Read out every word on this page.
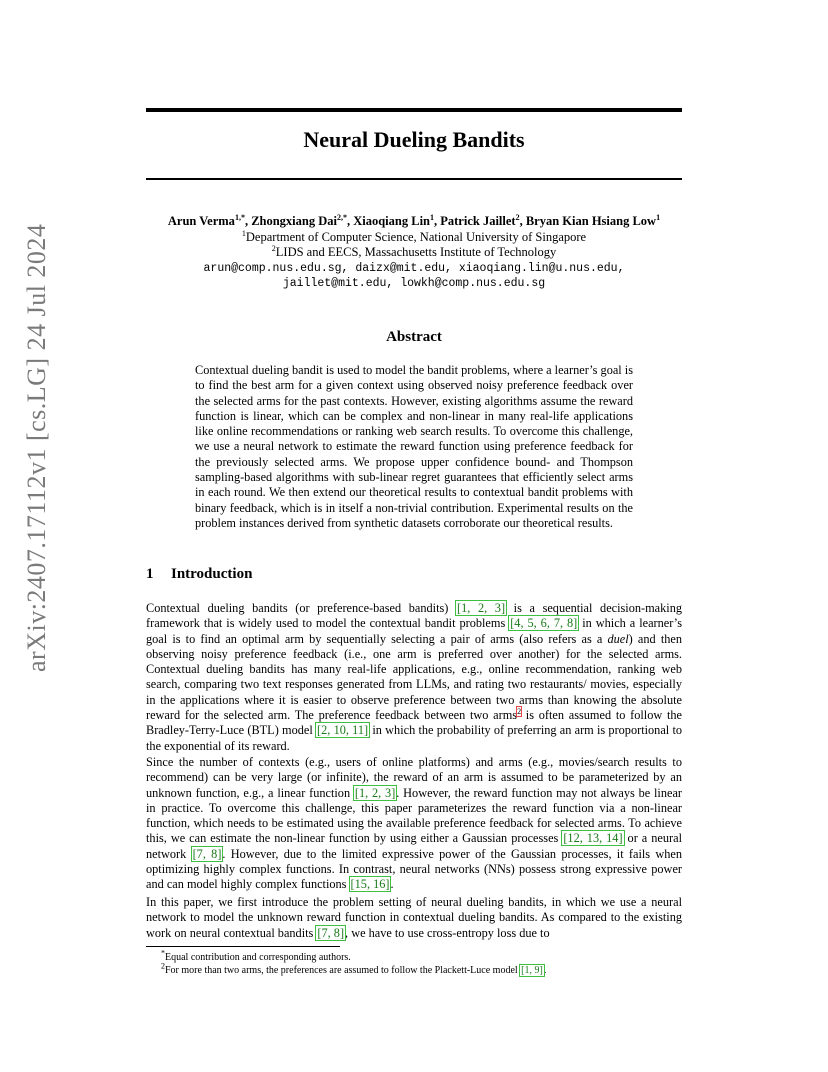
arXiv:2407.17112v1 [cs.LG] 24 Jul 2024
Neural Dueling Bandits
Arun Verma$^{1,*}$, Zhongxiang Dai$^{2,*}$, Xiaoqiang Lin$^1$, Patrick Jaillet$^2$, Bryan Kian Hsiang Low$^1$
$^1$Department of Computer Science, National University of Singapore
$^2$LIDS and EECS, Massachusetts Institute of Technology
arun@comp.nus.edu.sg, daizx@mit.edu, xiaoqiang.lin@u.nus.edu,
jaillet@mit.edu, lowkh@comp.nus.edu.sg
Abstract
Contextual dueling bandit is used to model the bandit problems, where a learner’s goal is to find the best arm for a given context using observed noisy preference feedback over the selected arms for the past contexts. However, existing algorithms assume the reward function is linear, which can be complex and non-linear in many real-life applications like online recommendations or ranking web search results. To overcome this challenge, we use a neural network to estimate the reward function using preference feedback for the previously selected arms. We propose upper confidence bound- and Thompson sampling-based algorithms with sub-linear regret guarantees that efficiently select arms in each round. We then extend our theoretical results to contextual bandit problems with binary feedback, which is in itself a non-trivial contribution. Experimental results on the problem instances derived from synthetic datasets corroborate our theoretical results.
1 Introduction

Contextual dueling bandits (or preference-based bandits) [1, 2, 3] is a sequential decision-making framework that is widely used to model the contextual bandit problems [4, 5, 6, 7, 8] in which a learner’s goal is to find an optimal arm by sequentially selecting a pair of arms (also refers as a duel) and then observing noisy preference feedback (i.e., one arm is preferred over another) for the selected arms. Contextual dueling bandits has many real-life applications, e.g., online recommendation, ranking web search, comparing two text responses generated from LLMs, and rating two restaurants/ movies, especially in the applications where it is easier to observe preference between two arms than knowing the absolute reward for the selected arm. The preference feedback between two arms$^2$ is often assumed to follow the Bradley-Terry-Luce (BTL) model [2, 10, 11] in which the probability of preferring an arm is proportional to the exponential of its reward.

Since the number of contexts (e.g., users of online platforms) and arms (e.g., movies/search results to recommend) can be very large (or infinite), the reward of an arm is assumed to be parameterized by an unknown function, e.g., a linear function [1, 2, 3]. However, the reward function may not always be linear in practice. To overcome this challenge, this paper parameterizes the reward function via a non-linear function, which needs to be estimated using the available preference feedback for selected arms. To achieve this, we can estimate the non-linear function by using either a Gaussian processes [12, 13, 14] or a neural network [7, 8]. However, due to the limited expressive power of the Gaussian processes, it fails when optimizing highly complex functions. In contrast, neural networks (NNs) possess strong expressive power and can model highly complex functions [15, 16].

In this paper, we first introduce the problem setting of neural dueling bandits, in which we use a neural network to model the unknown reward function in contextual dueling bandits. As compared to the existing work on neural contextual bandits [7, 8], we have to use cross-entropy loss due to

*Equal contribution and corresponding authors.
$^2$For more than two arms, the preferences are assumed to follow the Plackett-Luce model [1, 9].
